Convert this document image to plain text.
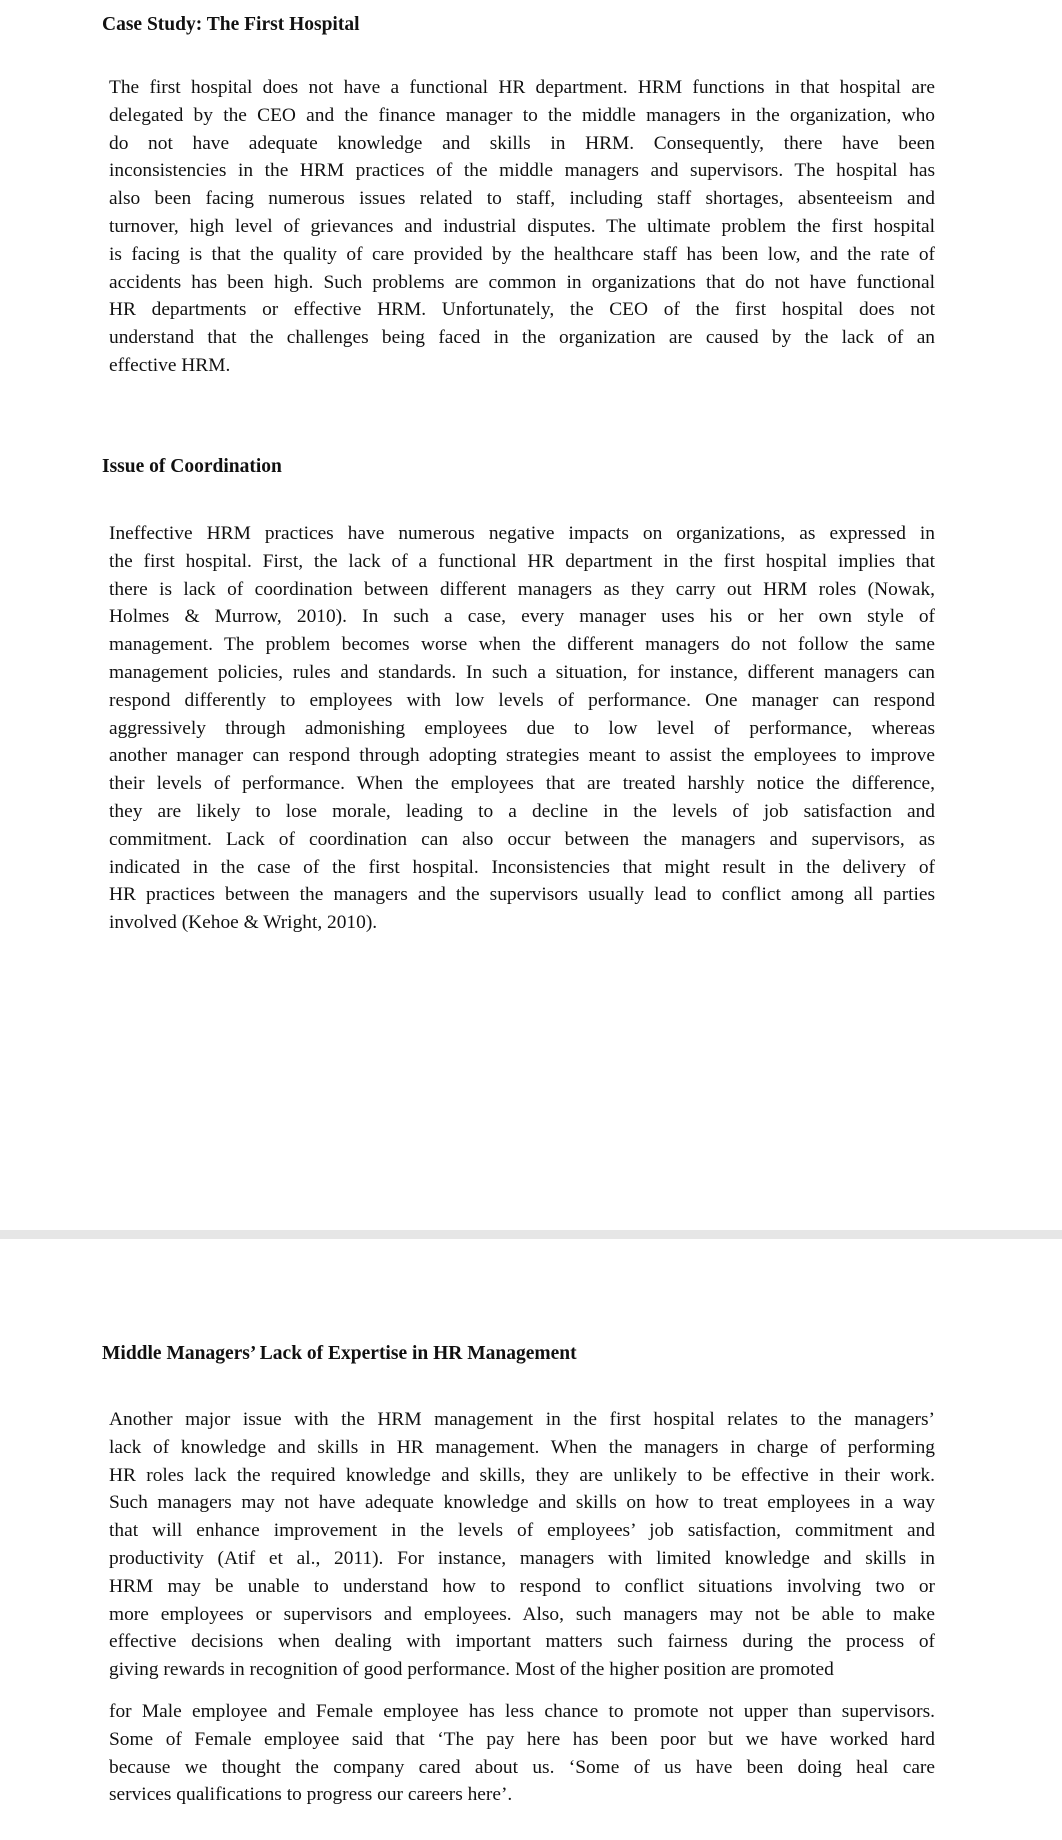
Case Study: The First Hospital
The first hospital does not have a functional HR department. HRM functions in that hospital are
delegated by the CEO and the finance manager to the middle managers in the organization, who
do not have adequate knowledge and skills in HRM. Consequently, there have been
inconsistencies in the HRM practices of the middle managers and supervisors. The hospital has
also been facing numerous issues related to staff, including staff shortages, absenteeism and
turnover, high level of grievances and industrial disputes. The ultimate problem the first hospital
is facing is that the quality of care provided by the healthcare staff has been low, and the rate of
accidents has been high. Such problems are common in organizations that do not have functional
HR departments or effective HRM. Unfortunately, the CEO of the first hospital does not
understand that the challenges being faced in the organization are caused by the lack of an
effective HRM.
Issue of Coordination
Ineffective HRM practices have numerous negative impacts on organizations, as expressed in
the first hospital. First, the lack of a functional HR department in the first hospital implies that
there is lack of coordination between different managers as they carry out HRM roles (Nowak,
Holmes & Murrow, 2010). In such a case, every manager uses his or her own style of
management. The problem becomes worse when the different managers do not follow the same
management policies, rules and standards. In such a situation, for instance, different managers can
respond differently to employees with low levels of performance. One manager can respond
aggressively through admonishing employees due to low level of performance, whereas
another manager can respond through adopting strategies meant to assist the employees to improve
their levels of performance. When the employees that are treated harshly notice the difference,
they are likely to lose morale, leading to a decline in the levels of job satisfaction and
commitment. Lack of coordination can also occur between the managers and supervisors, as
indicated in the case of the first hospital. Inconsistencies that might result in the delivery of
HR practices between the managers and the supervisors usually lead to conflict among all parties
involved (Kehoe & Wright, 2010).
Middle Managers’ Lack of Expertise in HR Management
Another major issue with the HRM management in the first hospital relates to the managers’
lack of knowledge and skills in HR management. When the managers in charge of performing
HR roles lack the required knowledge and skills, they are unlikely to be effective in their work.
Such managers may not have adequate knowledge and skills on how to treat employees in a way
that will enhance improvement in the levels of employees’ job satisfaction, commitment and
productivity (Atif et al., 2011). For instance, managers with limited knowledge and skills in
HRM may be unable to understand how to respond to conflict situations involving two or
more employees or supervisors and employees. Also, such managers may not be able to make
effective decisions when dealing with important matters such fairness during the process of
giving rewards in recognition of good performance. Most of the higher position are promoted
for Male employee and Female employee has less chance to promote not upper than supervisors.
Some of Female employee said that ‘The pay here has been poor but we have worked hard
because we thought the company cared about us. ‘Some of us have been doing heal care
services qualifications to progress our careers here’.
